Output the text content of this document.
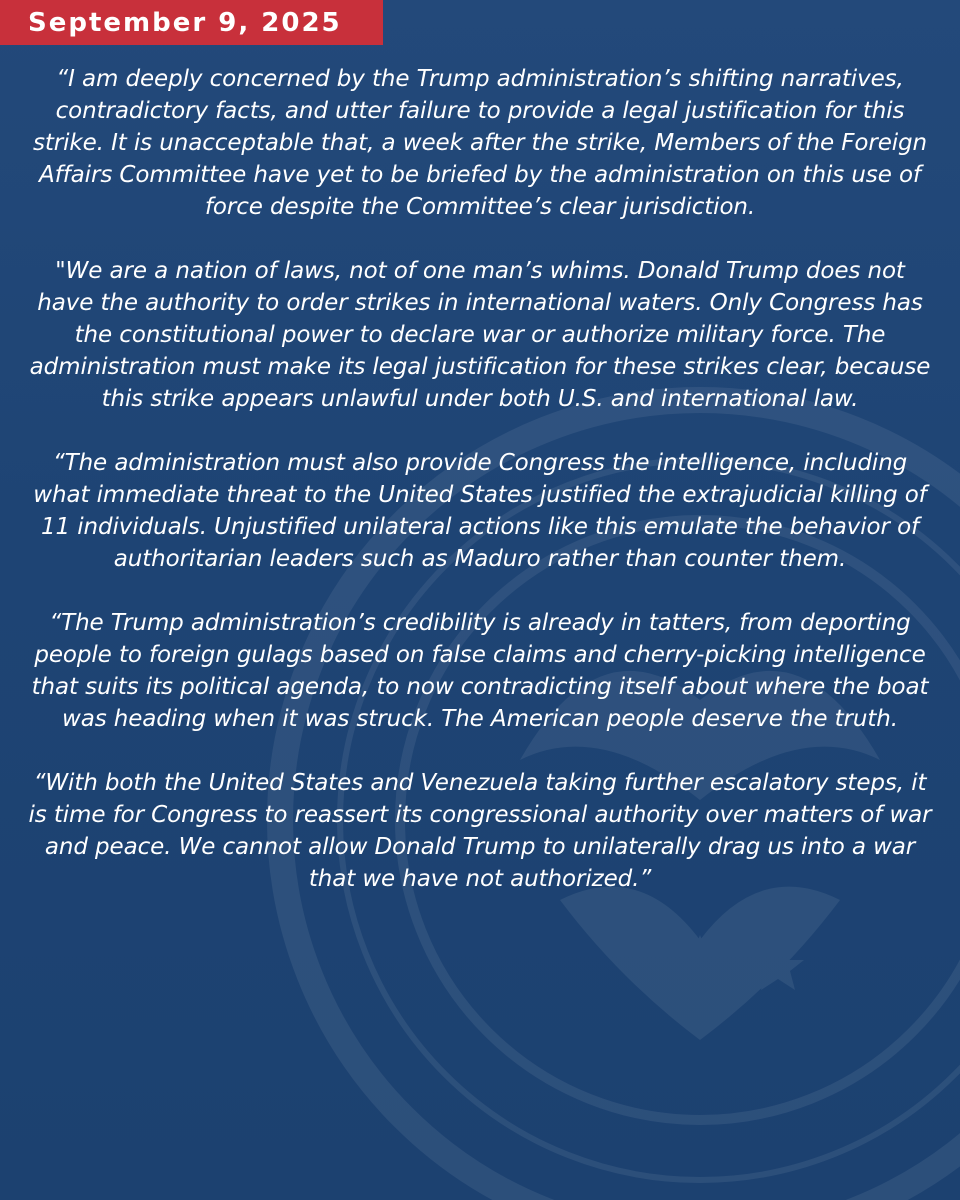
September 9, 2025

“I am deeply concerned by the Trump administration’s shifting narratives, contradictory facts, and utter failure to provide a legal justification for this strike. It is unacceptable that, a week after the strike, Members of the Foreign Affairs Committee have yet to be briefed by the administration on this use of force despite the Committee’s clear jurisdiction.

"We are a nation of laws, not of one man’s whims. Donald Trump does not have the authority to order strikes in international waters. Only Congress has the constitutional power to declare war or authorize military force. The administration must make its legal justification for these strikes clear, because this strike appears unlawful under both U.S. and international law.

“The administration must also provide Congress the intelligence, including what immediate threat to the United States justified the extrajudicial killing of 11 individuals. Unjustified unilateral actions like this emulate the behavior of authoritarian leaders such as Maduro rather than counter them.

“The Trump administration’s credibility is already in tatters, from deporting people to foreign gulags based on false claims and cherry-picking intelligence that suits its political agenda, to now contradicting itself about where the boat was heading when it was struck. The American people deserve the truth.

“With both the United States and Venezuela taking further escalatory steps, it is time for Congress to reassert its congressional authority over matters of war and peace. We cannot allow Donald Trump to unilaterally drag us into a war that we have not authorized.”
